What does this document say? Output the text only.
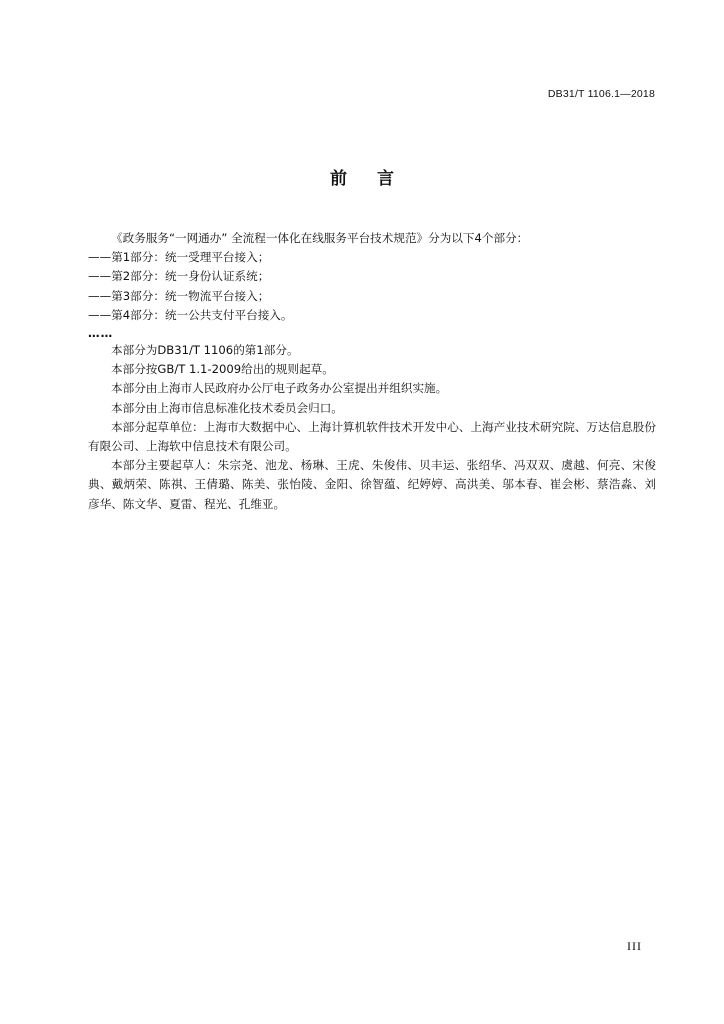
DB31/T 1106.1—2018
前言

《政务服务“一网通办” 全流程一体化在线服务平台技术规范》分为以下4个部分：

——第1部分：统一受理平台接入；

——第2部分：统一身份认证系统；

——第3部分：统一物流平台接入；

——第4部分：统一公共支付平台接入。

……

本部分为DB31/T 1106的第1部分。

本部分按GB/T 1.1-2009给出的规则起草。

本部分由上海市人民政府办公厅电子政务办公室提出并组织实施。

本部分由上海市信息标准化技术委员会归口。

本部分起草单位：上海市大数据中心、上海计算机软件技术开发中心、上海产业技术研究院、万达信息股份有限公司、上海软中信息技术有限公司。

本部分主要起草人：朱宗尧、池龙、杨琳、王虎、朱俊伟、贝丰运、张绍华、冯双双、虞越、何亮、宋俊典、戴炳荣、陈祺、王倩璐、陈美、张怡陵、金阳、徐智蕴、纪婷婷、高洪美、邬本春、崔会彬、蔡浩淼、刘彦华、陈文华、夏雷、程光、孔维亚。

III
